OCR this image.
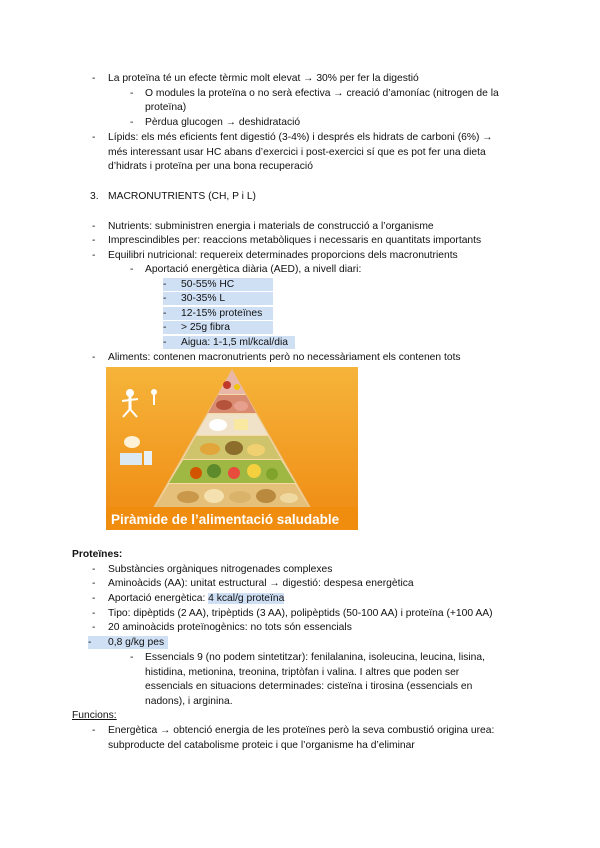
- La proteïna té un efecte tèrmic molt elevat → 30% per fer la digestió
- O modules la proteïna o no serà efectiva → creació d’amoníac (nitrogen de la
proteïna)
- Pèrdua glucogen → deshidratació
- Lípids: els més eficients fent digestió (3-4%) i després els hidrats de carboni (6%) →
més interessant usar HC abans d’exercici i post-exercici sí que es pot fer una dieta
d’hidrats i proteïna per una bona recuperació
3. MACRONUTRIENTS (CH, P i L)
- Nutrients: subministren energia i materials de construcció a l’organisme
- Imprescindibles per: reaccions metabòliques i necessaris en quantitats importants
- Equilibri nutricional: requereix determinades proporcions dels macronutrients
- Aportació energètica diària (AED), a nivell diari:
-	50-55% HC
-	30-35% L
-	12-15% proteïnes
-	> 25g fibra
-	Aigua: 1-1,5 ml/kcal/dia
- Aliments: contenen macronutrients però no necessàriament els contenen tots
Piràmide de l’alimentació saludable
Proteïnes:
- Substàncies orgàniques nitrogenades complexes
- Aminoàcids (AA): unitat estructural → digestió: despesa energètica
- Aportació energètica: 4 kcal/g proteïna
- Tipo: dipèptids (2 AA), tripèptids (3 AA), polipèptids (50-100 AA) i proteïna (+100 AA)
- 20 aminoàcids proteïnogènics: no tots són essencials
-	0,8 g/kg pes
- Essencials 9 (no podem sintetitzar): fenilalanina, isoleucina, leucina, lisina,
histidina, metionina, treonina, triptòfan i valina. I altres que poden ser
essencials en situacions determinades: cisteïna i tirosina (essencials en
nadons), i arginina.
Funcions:
- Energètica → obtenció energia de les proteïnes però la seva combustió origina urea:
subproducte del catabolisme proteic i que l’organisme ha d’eliminar
